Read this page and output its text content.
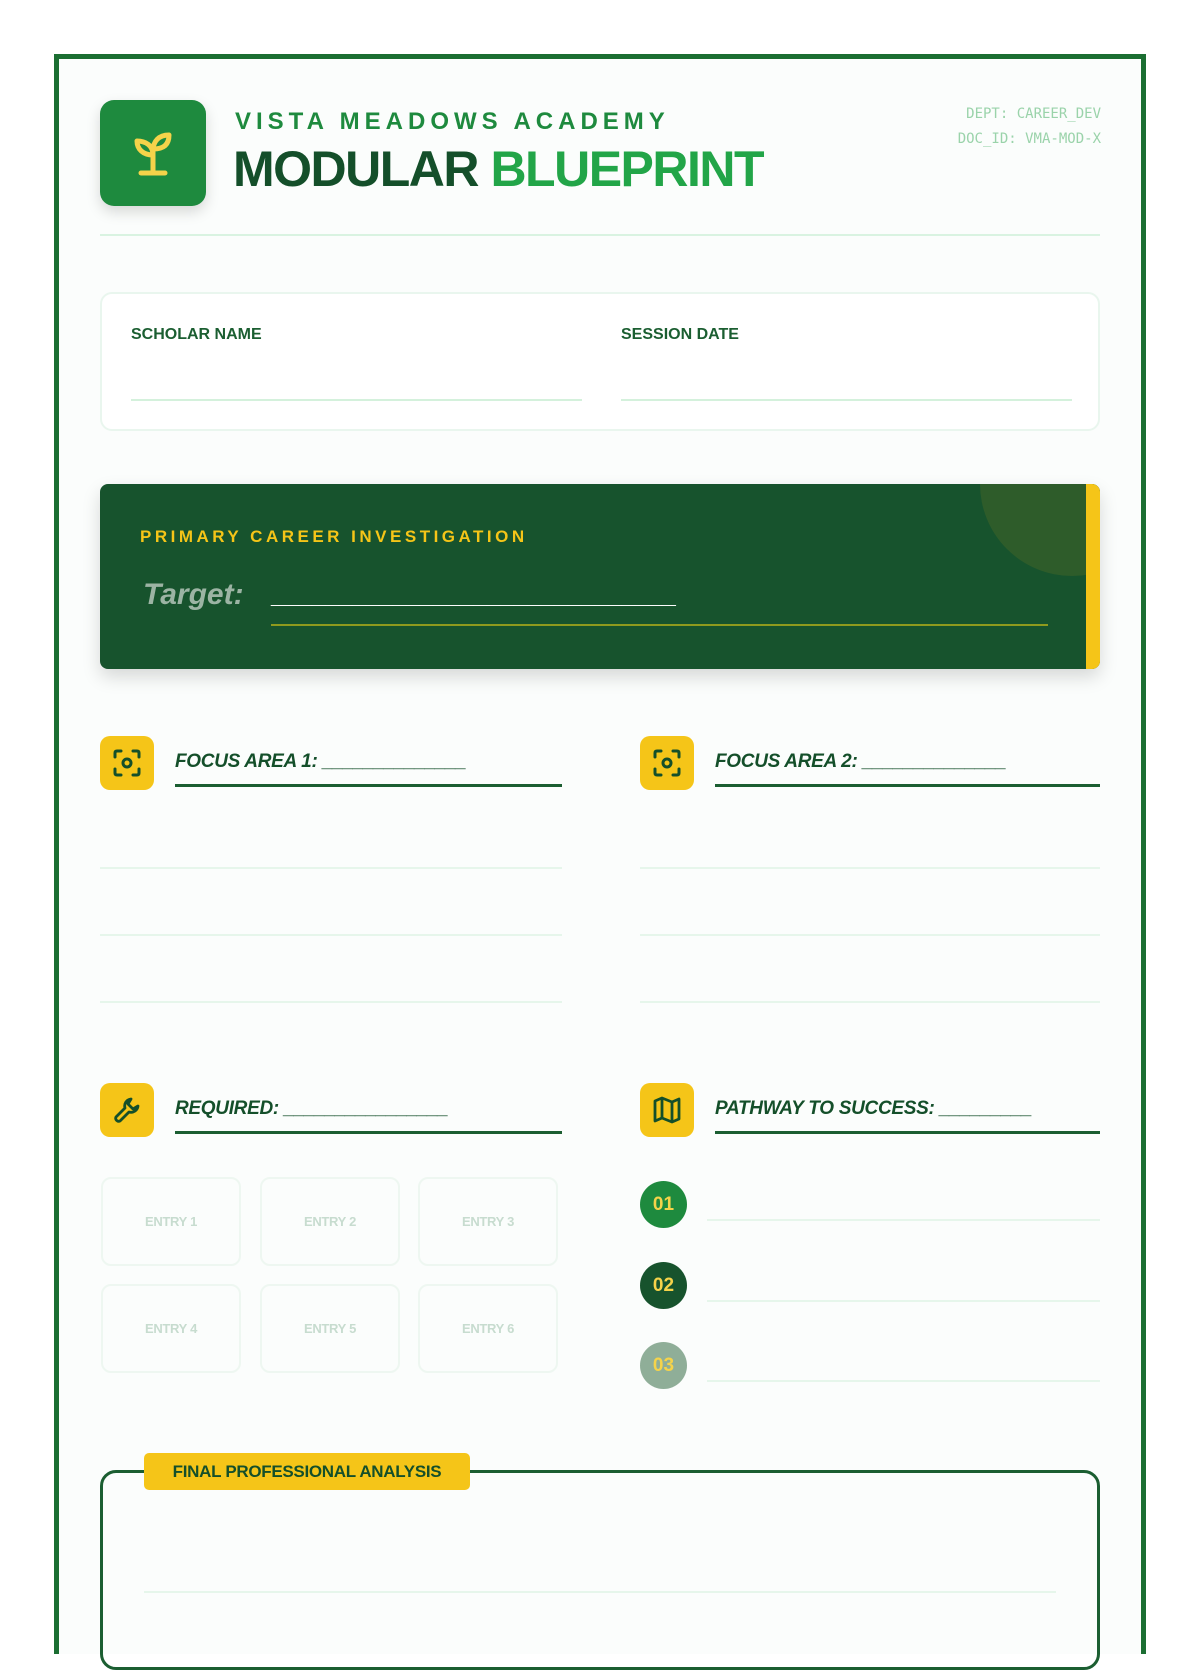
VISTA MEADOWS ACADEMY
MODULAR BLUEPRINT
DEPT: CAREER_DEV
DOC_ID: VMA-MOD-X
SCHOLAR NAME	SESSION DATE
PRIMARY CAREER INVESTIGATION
Target: ______________________________
FOCUS AREA 1: ______________	FOCUS AREA 2: ______________
REQUIRED: ________________
ENTRY 1	ENTRY 2	ENTRY 3
ENTRY 4	ENTRY 5	ENTRY 6
PATHWAY TO SUCCESS: _________
01
02
03
FINAL PROFESSIONAL ANALYSIS
